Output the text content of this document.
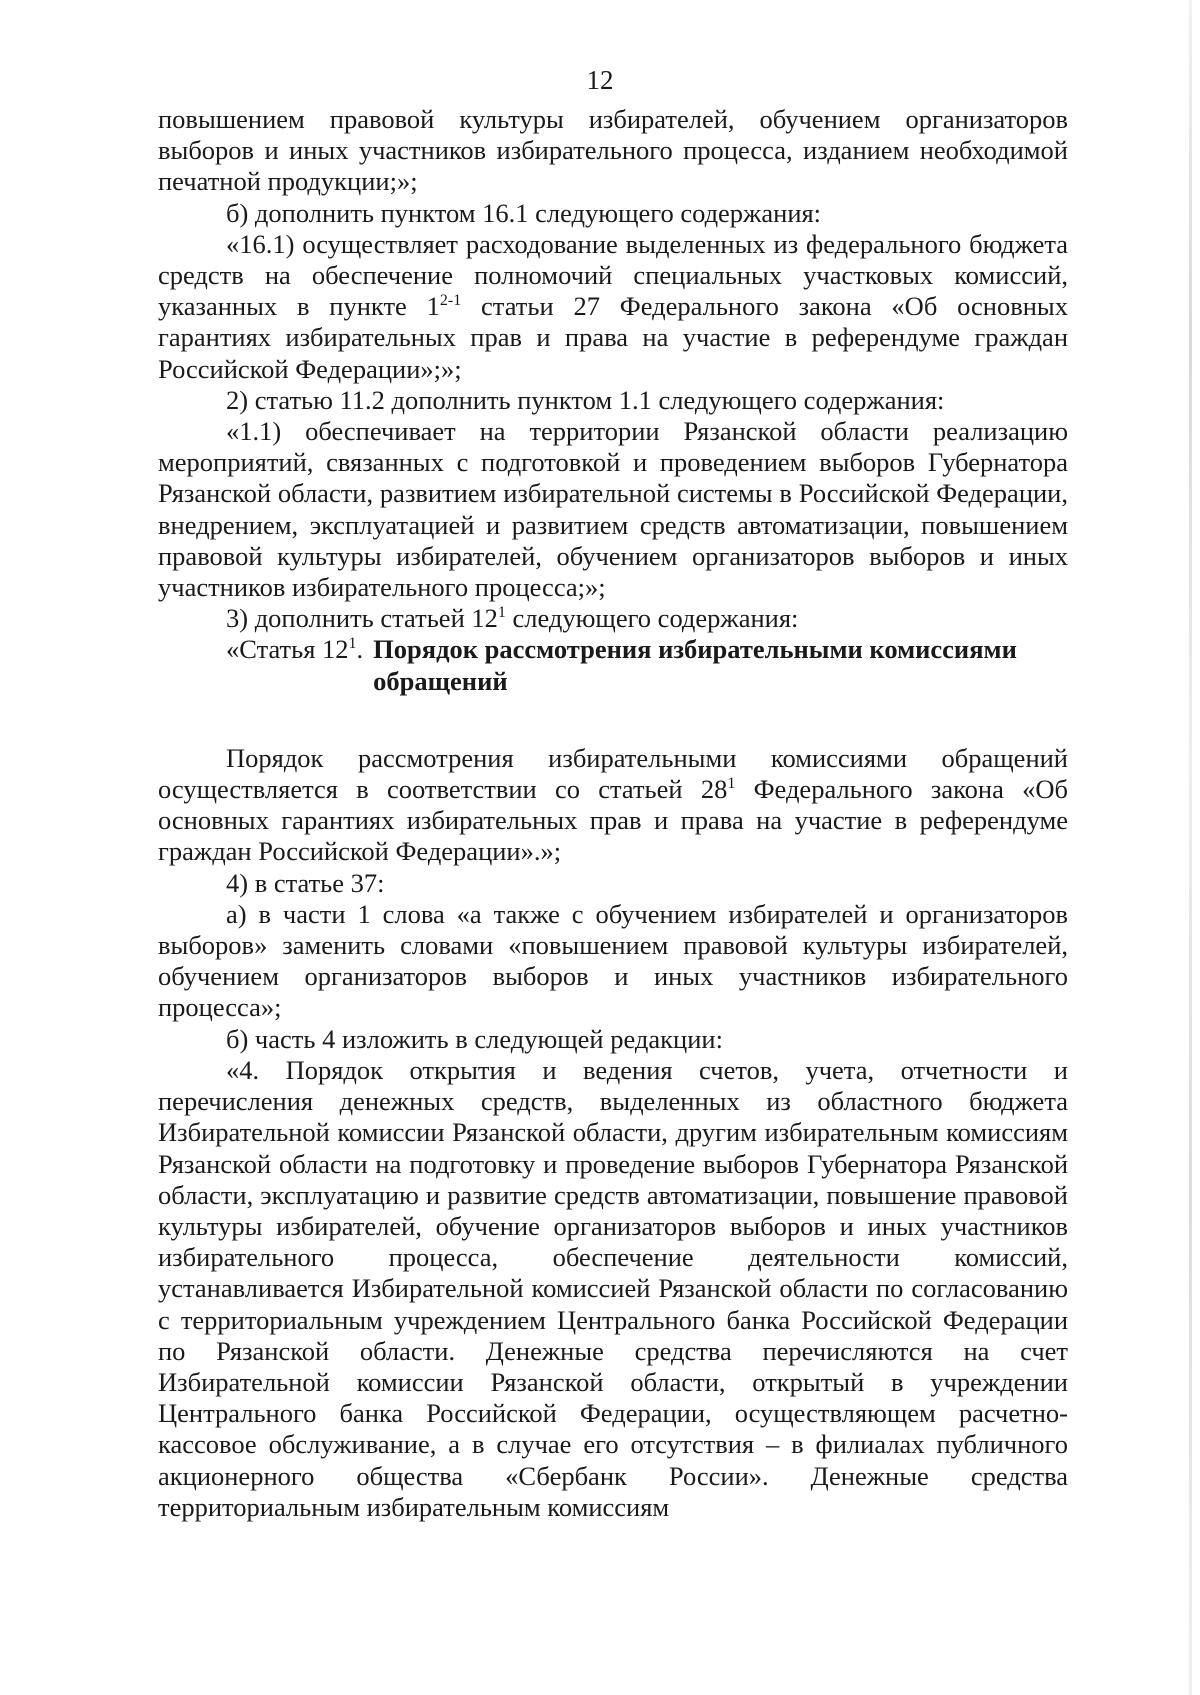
12

повышением правовой культуры избирателей, обучением организаторов выборов и иных участников избирательного процесса, изданием необходимой печатной продукции;»;

б) дополнить пунктом 16.1 следующего содержания:

«16.1) осуществляет расходование выделенных из федерального бюджета средств на обеспечение полномочий специальных участковых комиссий, указанных в пункте 1$^{2-1}$ статьи 27 Федерального закона «Об основных гарантиях избирательных прав и права на участие в референдуме граждан Российской Федерации»;»;

2) статью 11.2 дополнить пунктом 1.1 следующего содержания:

«1.1) обеспечивает на территории Рязанской области реализацию мероприятий, связанных с подготовкой и проведением выборов Губернатора Рязанской области, развитием избирательной системы в Российской Федерации, внедрением, эксплуатацией и развитием средств автоматизации, повышением правовой культуры избирателей, обучением организаторов выборов и иных участников избирательного процесса;»;

3) дополнить статьей $12^1$ следующего содержания:

«Статья $12^1$. Порядок рассмотрения избирательными комиссиями обращений

Порядок рассмотрения избирательными комиссиями обращений осуществляется в соответствии со статьей $28^1$ Федерального закона «Об основных гарантиях избирательных прав и права на участие в референдуме граждан Российской Федерации».»;

4) в статье 37:

а) в части 1 слова «а также с обучением избирателей и организаторов выборов» заменить словами «повышением правовой культуры избирателей, обучением организаторов выборов и иных участников избирательного процесса»;

б) часть 4 изложить в следующей редакции:

«4. Порядок открытия и ведения счетов, учета, отчетности и перечисления денежных средств, выделенных из областного бюджета Избирательной комиссии Рязанской области, другим избирательным комиссиям Рязанской области на подготовку и проведение выборов Губернатора Рязанской области, эксплуатацию и развитие средств автоматизации, повышение правовой культуры избирателей, обучение организаторов выборов и иных участников избирательного процесса, обеспечение деятельности комиссий, устанавливается Избирательной комиссией Рязанской области по согласованию с территориальным учреждением Центрального банка Российской Федерации по Рязанской области. Денежные средства перечисляются на счет Избирательной комиссии Рязанской области, открытый в учреждении Центрального банка Российской Федерации, осуществляющем расчетно-кассовое обслуживание, а в случае его отсутствия – в филиалах публичного акционерного общества «Сбербанк России». Денежные средства территориальным избирательным комиссиям
